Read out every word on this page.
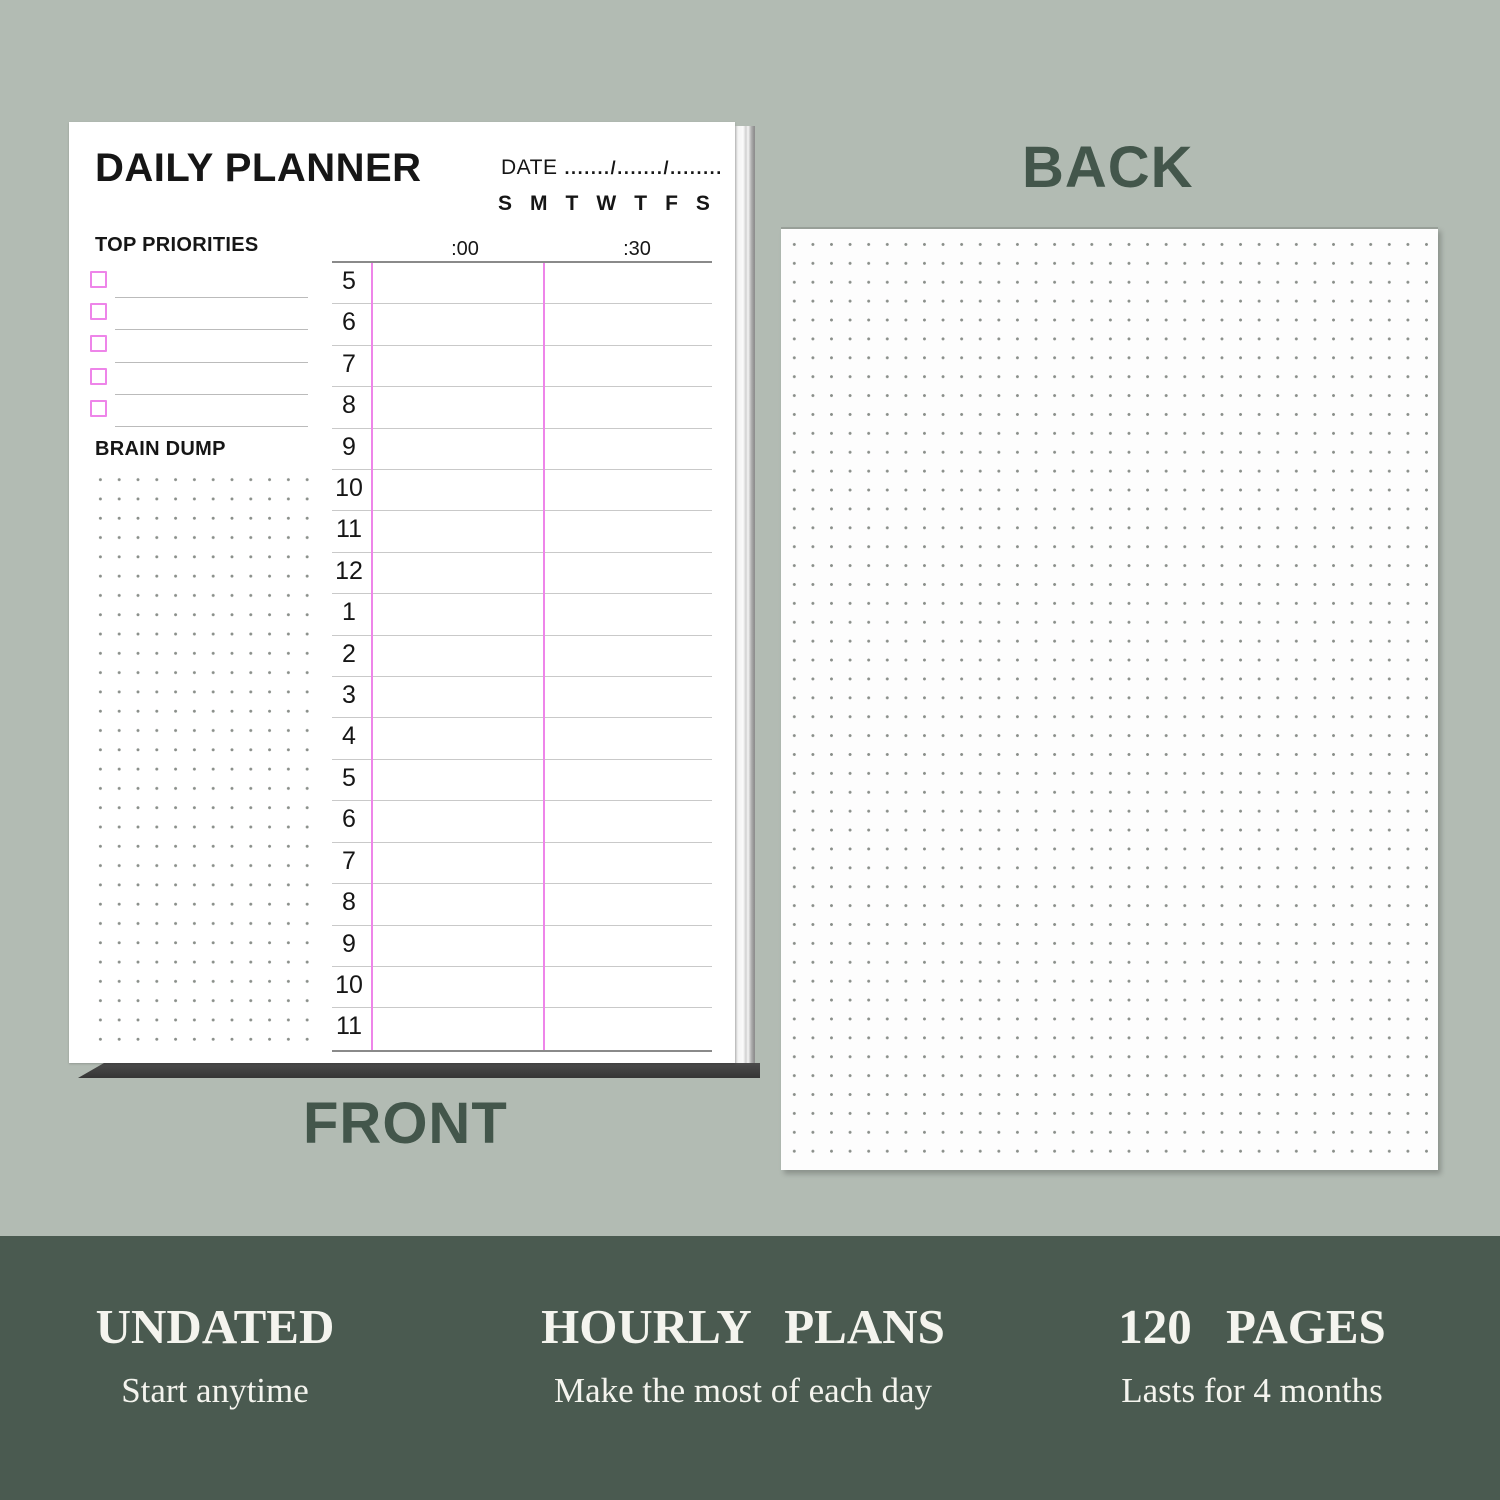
DAILY PLANNER	DATE ......./......./........
S M T W T F S
TOP PRIORITIES
BRAIN DUMP
:00	:30
5
6
7
8
9
10
11
12
1
2
3
4
5
6
7
8
9
10
11
BACK
FRONT
UNDATED
Start anytime
HOURLY PLANS
Make the most of each day
120 PAGES
Lasts for 4 months
